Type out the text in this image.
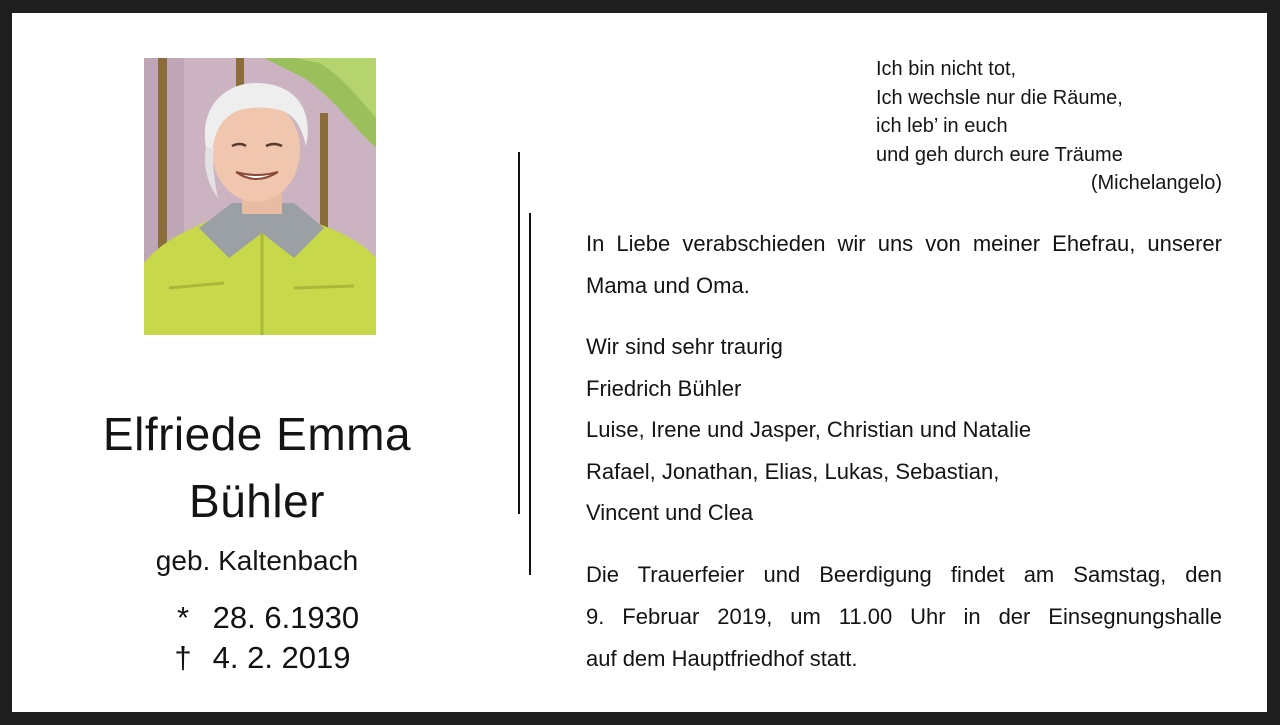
Elfriede Emma
Bühler
geb. Kaltenbach
* 28. 6.1930
† 4. 2. 2019
Ich bin nicht tot,
Ich wechsle nur die Räume,
ich leb’ in euch
und geh durch eure Träume
(Michelangelo)
In Liebe verabschieden wir uns von meiner Ehefrau, unserer
Mama und Oma.
Wir sind sehr traurig
Friedrich Bühler
Luise, Irene und Jasper, Christian und Natalie
Rafael, Jonathan, Elias, Lukas, Sebastian,
Vincent und Clea
Die Trauerfeier und Beerdigung findet am Samstag, den
9. Februar 2019, um 11.00 Uhr in der Einsegnungshalle
auf dem Hauptfriedhof statt.
